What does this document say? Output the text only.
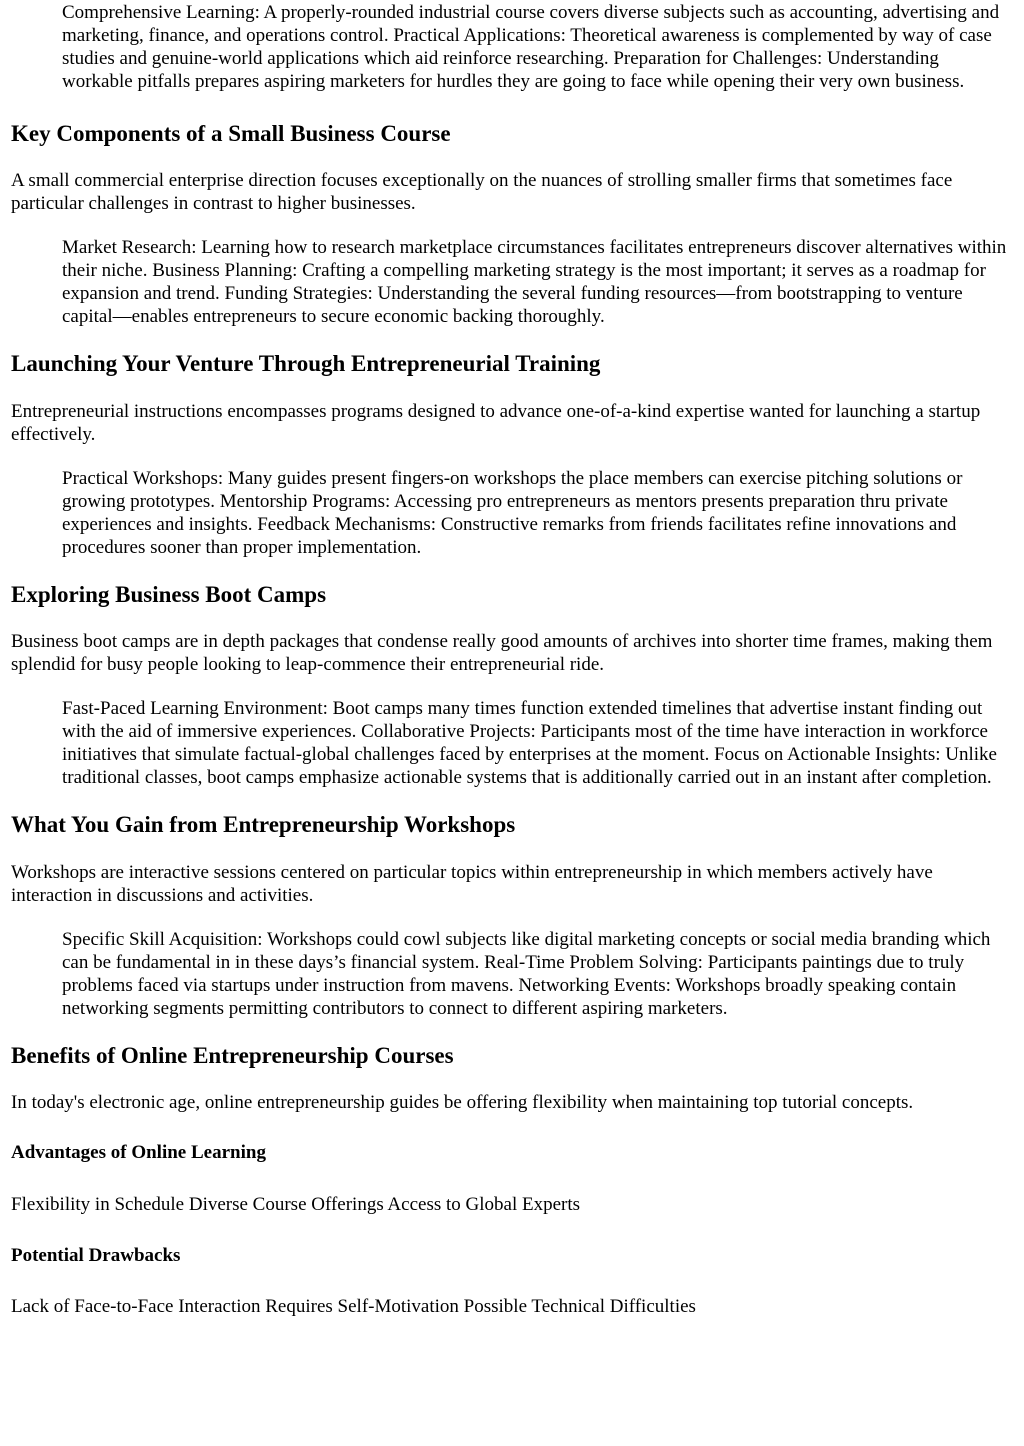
Comprehensive Learning: A properly-rounded industrial course covers diverse subjects such as accounting, advertising and marketing, finance, and operations control. Practical Applications: Theoretical awareness is complemented by way of case studies and genuine-world applications which aid reinforce researching. Preparation for Challenges: Understanding workable pitfalls prepares aspiring marketers for hurdles they are going to face while opening their very own business.
Key Components of a Small Business Course

A small commercial enterprise direction focuses exceptionally on the nuances of strolling smaller firms that sometimes face particular challenges in contrast to higher businesses.

Market Research: Learning how to research marketplace circumstances facilitates entrepreneurs discover alternatives within their niche. Business Planning: Crafting a compelling marketing strategy is the most important; it serves as a roadmap for expansion and trend. Funding Strategies: Understanding the several funding resources—from bootstrapping to venture capital—enables entrepreneurs to secure economic backing thoroughly.
Launching Your Venture Through Entrepreneurial Training

Entrepreneurial instructions encompasses programs designed to advance one-of-a-kind expertise wanted for launching a startup effectively.

Practical Workshops: Many guides present fingers-on workshops the place members can exercise pitching solutions or growing prototypes. Mentorship Programs: Accessing pro entrepreneurs as mentors presents preparation thru private experiences and insights. Feedback Mechanisms: Constructive remarks from friends facilitates refine innovations and procedures sooner than proper implementation.
Exploring Business Boot Camps

Business boot camps are in depth packages that condense really good amounts of archives into shorter time frames, making them splendid for busy people looking to leap-commence their entrepreneurial ride.

Fast-Paced Learning Environment: Boot camps many times function extended timelines that advertise instant finding out with the aid of immersive experiences. Collaborative Projects: Participants most of the time have interaction in workforce initiatives that simulate factual-global challenges faced by enterprises at the moment. Focus on Actionable Insights: Unlike traditional classes, boot camps emphasize actionable systems that is additionally carried out in an instant after completion.
What You Gain from Entrepreneurship Workshops

Workshops are interactive sessions centered on particular topics within entrepreneurship in which members actively have interaction in discussions and activities.

Specific Skill Acquisition: Workshops could cowl subjects like digital marketing concepts or social media branding which can be fundamental in in these days’s financial system. Real-Time Problem Solving: Participants paintings due to truly problems faced via startups under instruction from mavens. Networking Events: Workshops broadly speaking contain networking segments permitting contributors to connect to different aspiring marketers.
Benefits of Online Entrepreneurship Courses

In today's electronic age, online entrepreneurship guides be offering flexibility when maintaining top tutorial concepts.

Advantages of Online Learning

Flexibility in Schedule Diverse Course Offerings Access to Global Experts

Potential Drawbacks

Lack of Face-to-Face Interaction Requires Self-Motivation Possible Technical Difficulties
